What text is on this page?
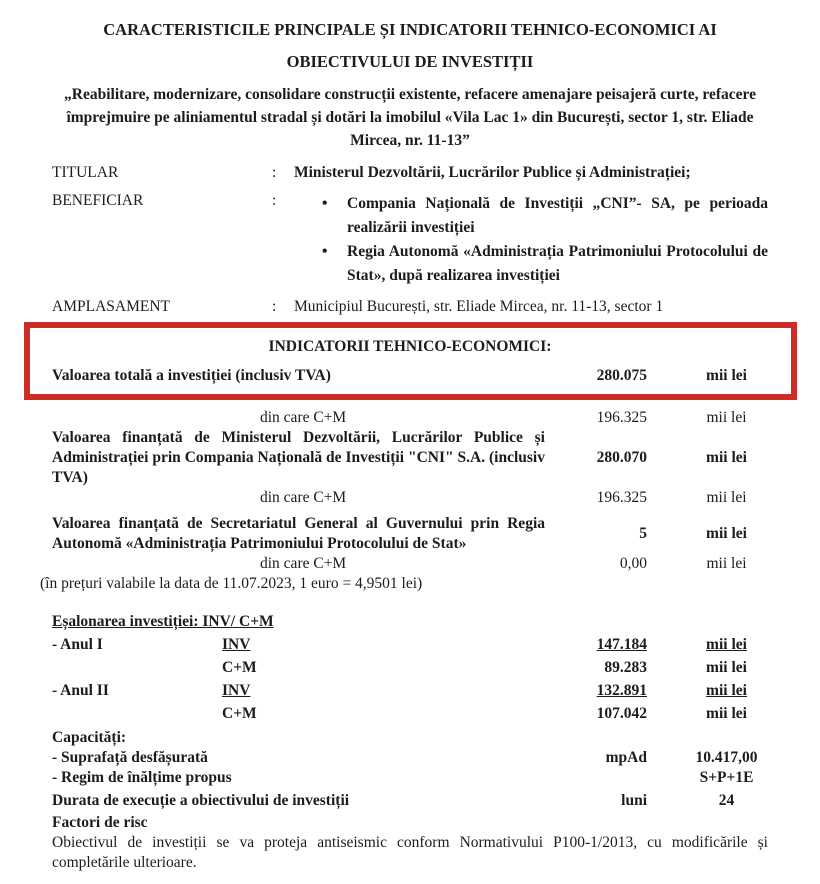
CARACTERISTICILE PRINCIPALE ȘI INDICATORII TEHNICO-ECONOMICI AI
OBIECTIVULUI DE INVESTIȚII
„Reabilitare, modernizare, consolidare construcții existente, refacere amenajare peisajeră curte, refacere împrejmuire pe aliniamentul stradal și dotări la imobilul «Vila Lac 1» din București, sector 1, str. Eliade Mircea, nr. 11-13”
TITULAR	:	Ministerul Dezvoltării, Lucrărilor Publice și Administrației;
BENEFICIAR	:	•	Compania Națională de Investiții „CNI”- SA, pe perioada realizării investiției
•	Regia Autonomă «Administrația Patrimoniului Protocolului de Stat», după realizarea investiției
AMPLASAMENT	:	Municipiul București, str. Eliade Mircea, nr. 11-13, sector 1
INDICATORII TEHNICO-ECONOMICI:
Valoarea totală a investiției (inclusiv TVA)	280.075	mii lei
din care C+M	196.325	mii lei
Valoarea finanțată de Ministerul Dezvoltării, Lucrărilor Publice și Administrației prin Compania Națională de Investiții "CNI" S.A. (inclusiv TVA)
280.070	mii lei
din care C+M	196.325	mii lei
Valoarea finanțată de Secretariatul General al Guvernului prin Regia Autonomă «Administrația Patrimoniului Protocolului de Stat»
5	mii lei
din care C+M	0,00	mii lei
(în prețuri valabile la data de 11.07.2023, 1 euro = 4,9501 lei)
Eșalonarea investiției: INV/ C+M
- Anul I	INV	147.184	mii lei
C+M	89.283	mii lei
- Anul II	INV	132.891	mii lei
C+M	107.042	mii lei
Capacități:
- Suprafață desfășurată	mpAd	10.417,00
- Regim de înălțime propus	S+P+1E
Durata de execuție a obiectivului de investiții	luni	24
Factori de risc
Obiectivul de investiții se va proteja antiseismic conform Normativului P100-1/2013, cu modificările și completările ulterioare.
